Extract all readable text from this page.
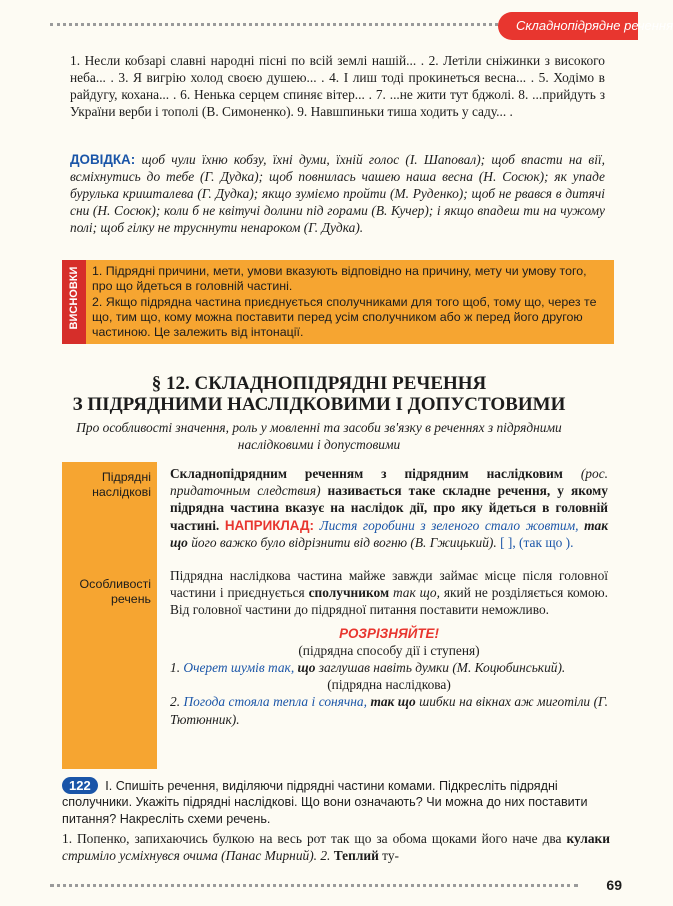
Складнопідрядне речення
1. Несли кобзарі славні народні пісні по всій землі нашій... . 2. Летіли сніжинки з високого неба... . 3. Я вигрію холод своєю душею... . 4. І лиш тоді прокинеться весна... . 5. Ходімо в райдугу, кохана... . 6. Ненька серцем спиняє вітер... . 7. ...не жити тут бджолі. 8. ...прийдуть з України верби і тополі (В. Симоненко). 9. Навшпиньки тиша ходить у саду... .
ДОВІДКА: щоб чули їхню кобзу, їхні думи, їхній голос (І. Шаповал); щоб впасти на вії, всміхнутись до тебе (Г. Дудка); щоб повнилась чашею наша весна (Н. Сосюк); як упаде бурулька кришталева (Г. Дудка); якщо зуміємо пройти (М. Руденко); щоб не рвався в дитячі сни (Н. Сосюк); коли б не квітучі долини під горами (В. Кучер); і якщо впадеш ти на чужому полі; щоб гілку не трусннути ненароком (Г. Дудка).
ВИСНОВКИ 1. Підрядні причини, мети, умови вказують відповідно на причину, мету чи умову того, про що йдеться в головній частині.
2. Якщо підрядна частина приєднується сполучниками для того щоб, тому що, через те що, тим що, кому можна поставити перед усім сполучником або ж перед його другою частиною. Це залежить від інтонації.
§ 12. СКЛАДНОПІДРЯДНІ РЕЧЕННЯ
З ПІДРЯДНИМИ НАСЛІДКОВИМИ І ДОПУСТОВИМИ
Про особливості значення, роль у мовленні та засоби зв'язку в реченнях з підрядними наслідковими і допустовими
Підрядні наслідкові
Особливості речень
Складнопідрядним реченням з підрядним наслідковим (рос. придаточным следствия) називається таке складне речення, у якому підрядна частина вказує на наслідок дії, про яку йдеться в головній частині. НАПРИКЛАД: Листя горобини з зеленого стало жовтим, так що його важко було відрізнити від вогню (В. Гжицький). [ ], (так що ).
Підрядна наслідкова частина майже завжди займає місце після головної частини і приєднується сполучником так що, який не розділяється комою. Від головної частини до підрядної питання поставити неможливо.
РОЗРІЗНЯЙТЕ!
(підрядна способу дії і ступеня)
1. Очерет шумів так, що заглушав навіть думки (М. Коцюбинський).
(підрядна наслідкова)
2. Погода стояла тепла і сонячна, так що шибки на вікнах аж миготіли (Г. Тютюнник).
122 I. Спишіть речення, виділяючи підрядні частини комами. Підкресліть підрядні сполучники. Укажіть підрядні наслідкові. Що вони означають? Чи можна до них поставити питання? Накресліть схеми речень.
1. Попенко, запихаючись булкою на весь рот так що за обома щоками його наче два кулаки стриміло усміхнувся очима (Панас Мирний). 2. Теплий ту-
69
